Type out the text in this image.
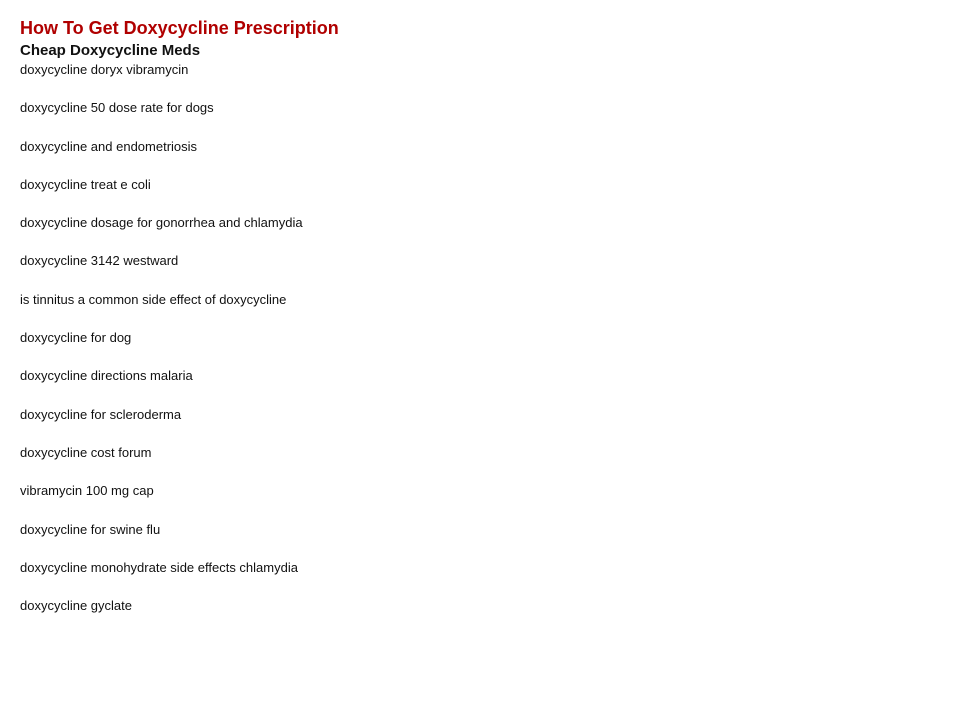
How To Get Doxycycline Prescription
Cheap Doxycycline Meds
doxycycline doryx vibramycin
doxycycline 50 dose rate for dogs
doxycycline and endometriosis
doxycycline treat e coli
doxycycline dosage for gonorrhea and chlamydia
doxycycline 3142 westward
is tinnitus a common side effect of doxycycline
doxycycline for dog
doxycycline directions malaria
doxycycline for scleroderma
doxycycline cost forum
vibramycin 100 mg cap
doxycycline for swine flu
doxycycline monohydrate side effects chlamydia
doxycycline gyclate
